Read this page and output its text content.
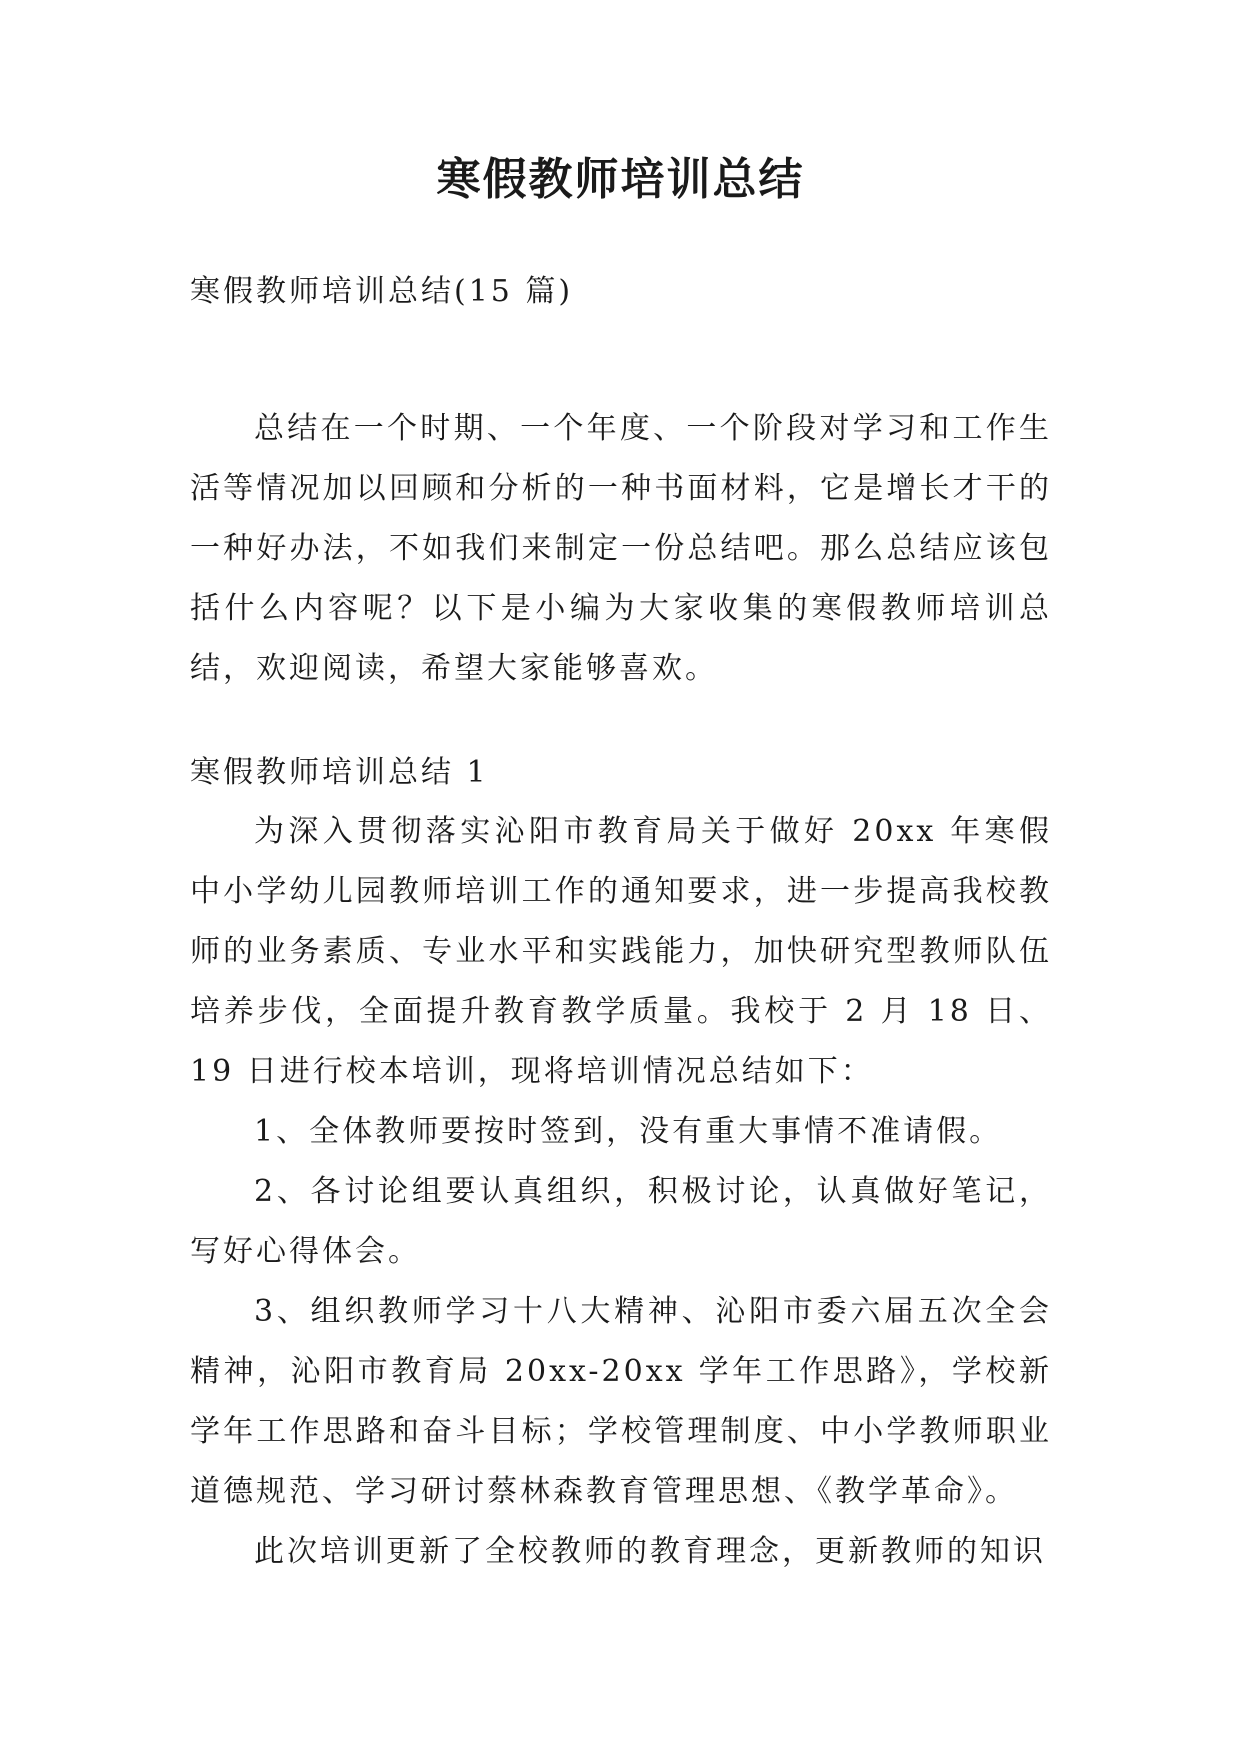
寒假教师培训总结

寒假教师培训总结(15 篇)

总结在一个时期、一个年度、一个阶段对学习和工作生活等情况加以回顾和分析的一种书面材料，它是增长才干的一种好办法，不如我们来制定一份总结吧。那么总结应该包括什么内容呢？以下是小编为大家收集的寒假教师培训总结，欢迎阅读，希望大家能够喜欢。

寒假教师培训总结 1

为深入贯彻落实沁阳市教育局关于做好 20xx 年寒假中小学幼儿园教师培训工作的通知要求，进一步提高我校教师的业务素质、专业水平和实践能力，加快研究型教师队伍培养步伐，全面提升教育教学质量。我校于 2 月 18 日、19 日进行校本培训，现将培训情况总结如下：

1、全体教师要按时签到，没有重大事情不准请假。

2、各讨论组要认真组织，积极讨论，认真做好笔记，写好心得体会。

3、组织教师学习十八大精神、沁阳市委六届五次全会精神，沁阳市教育局 20xx-20xx 学年工作思路》，学校新学年工作思路和奋斗目标；学校管理制度、中小学教师职业道德规范、学习研讨蔡林森教育管理思想、《教学革命》。

此次培训更新了全校教师的教育理念，更新教师的知识
